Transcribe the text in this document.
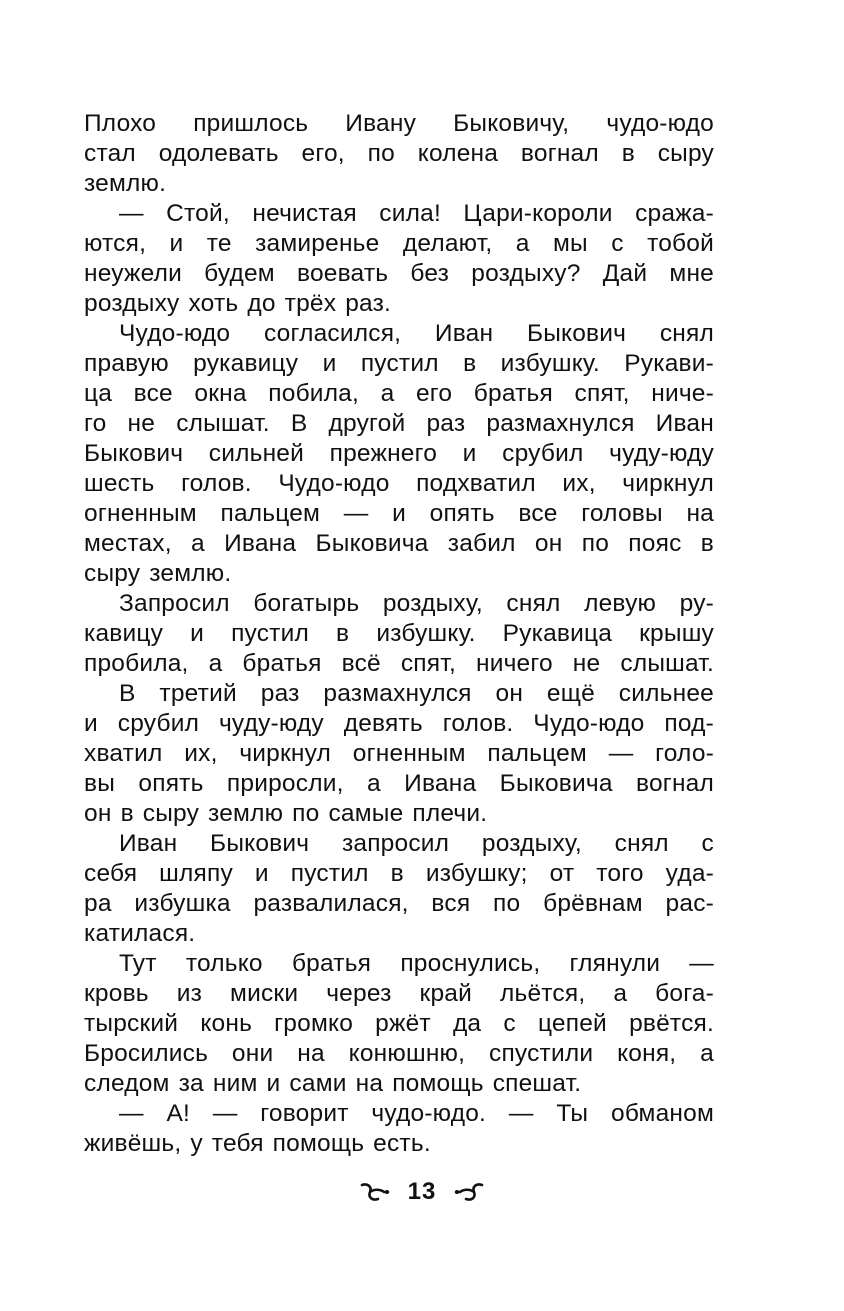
Плохо пришлось Ивану Быковичу, чудо-юдо
стал одолевать его, по колена вогнал в сыру
землю.
— Стой, нечистая сила! Цари-короли сража-
ются, и те замиренье делают, а мы с тобой
неужели будем воевать без роздыху? Дай мне
роздыху хоть до трёх раз.
Чудо-юдо согласился, Иван Быкович снял
правую рукавицу и пустил в избушку. Рукави-
ца все окна побила, а его братья спят, ниче-
го не слышат. В другой раз размахнулся Иван
Быкович сильней прежнего и срубил чуду-юду
шесть голов. Чудо-юдо подхватил их, чиркнул
огненным пальцем — и опять все головы на
местах, а Ивана Быковича забил он по пояс в
сыру землю.
Запросил богатырь роздыху, снял левую ру-
кавицу и пустил в избушку. Рукавица крышу
пробила, а братья всё спят, ничего не слышат.
В третий раз размахнулся он ещё сильнее
и срубил чуду-юду девять голов. Чудо-юдо под-
хватил их, чиркнул огненным пальцем — голо-
вы опять приросли, а Ивана Быковича вогнал
он в сыру землю по самые плечи.
Иван Быкович запросил роздыху, снял с
себя шляпу и пустил в избушку; от того уда-
ра избушка развалилася, вся по брёвнам рас-
катилася.
Тут только братья проснулись, глянули —
кровь из миски через край льётся, а бога-
тырский конь громко ржёт да с цепей рвётся.
Бросились они на конюшню, спустили коня, а
следом за ним и сами на помощь спешат.
— А! — говорит чудо-юдо. — Ты обманом
живёшь, у тебя помощь есть.
13
